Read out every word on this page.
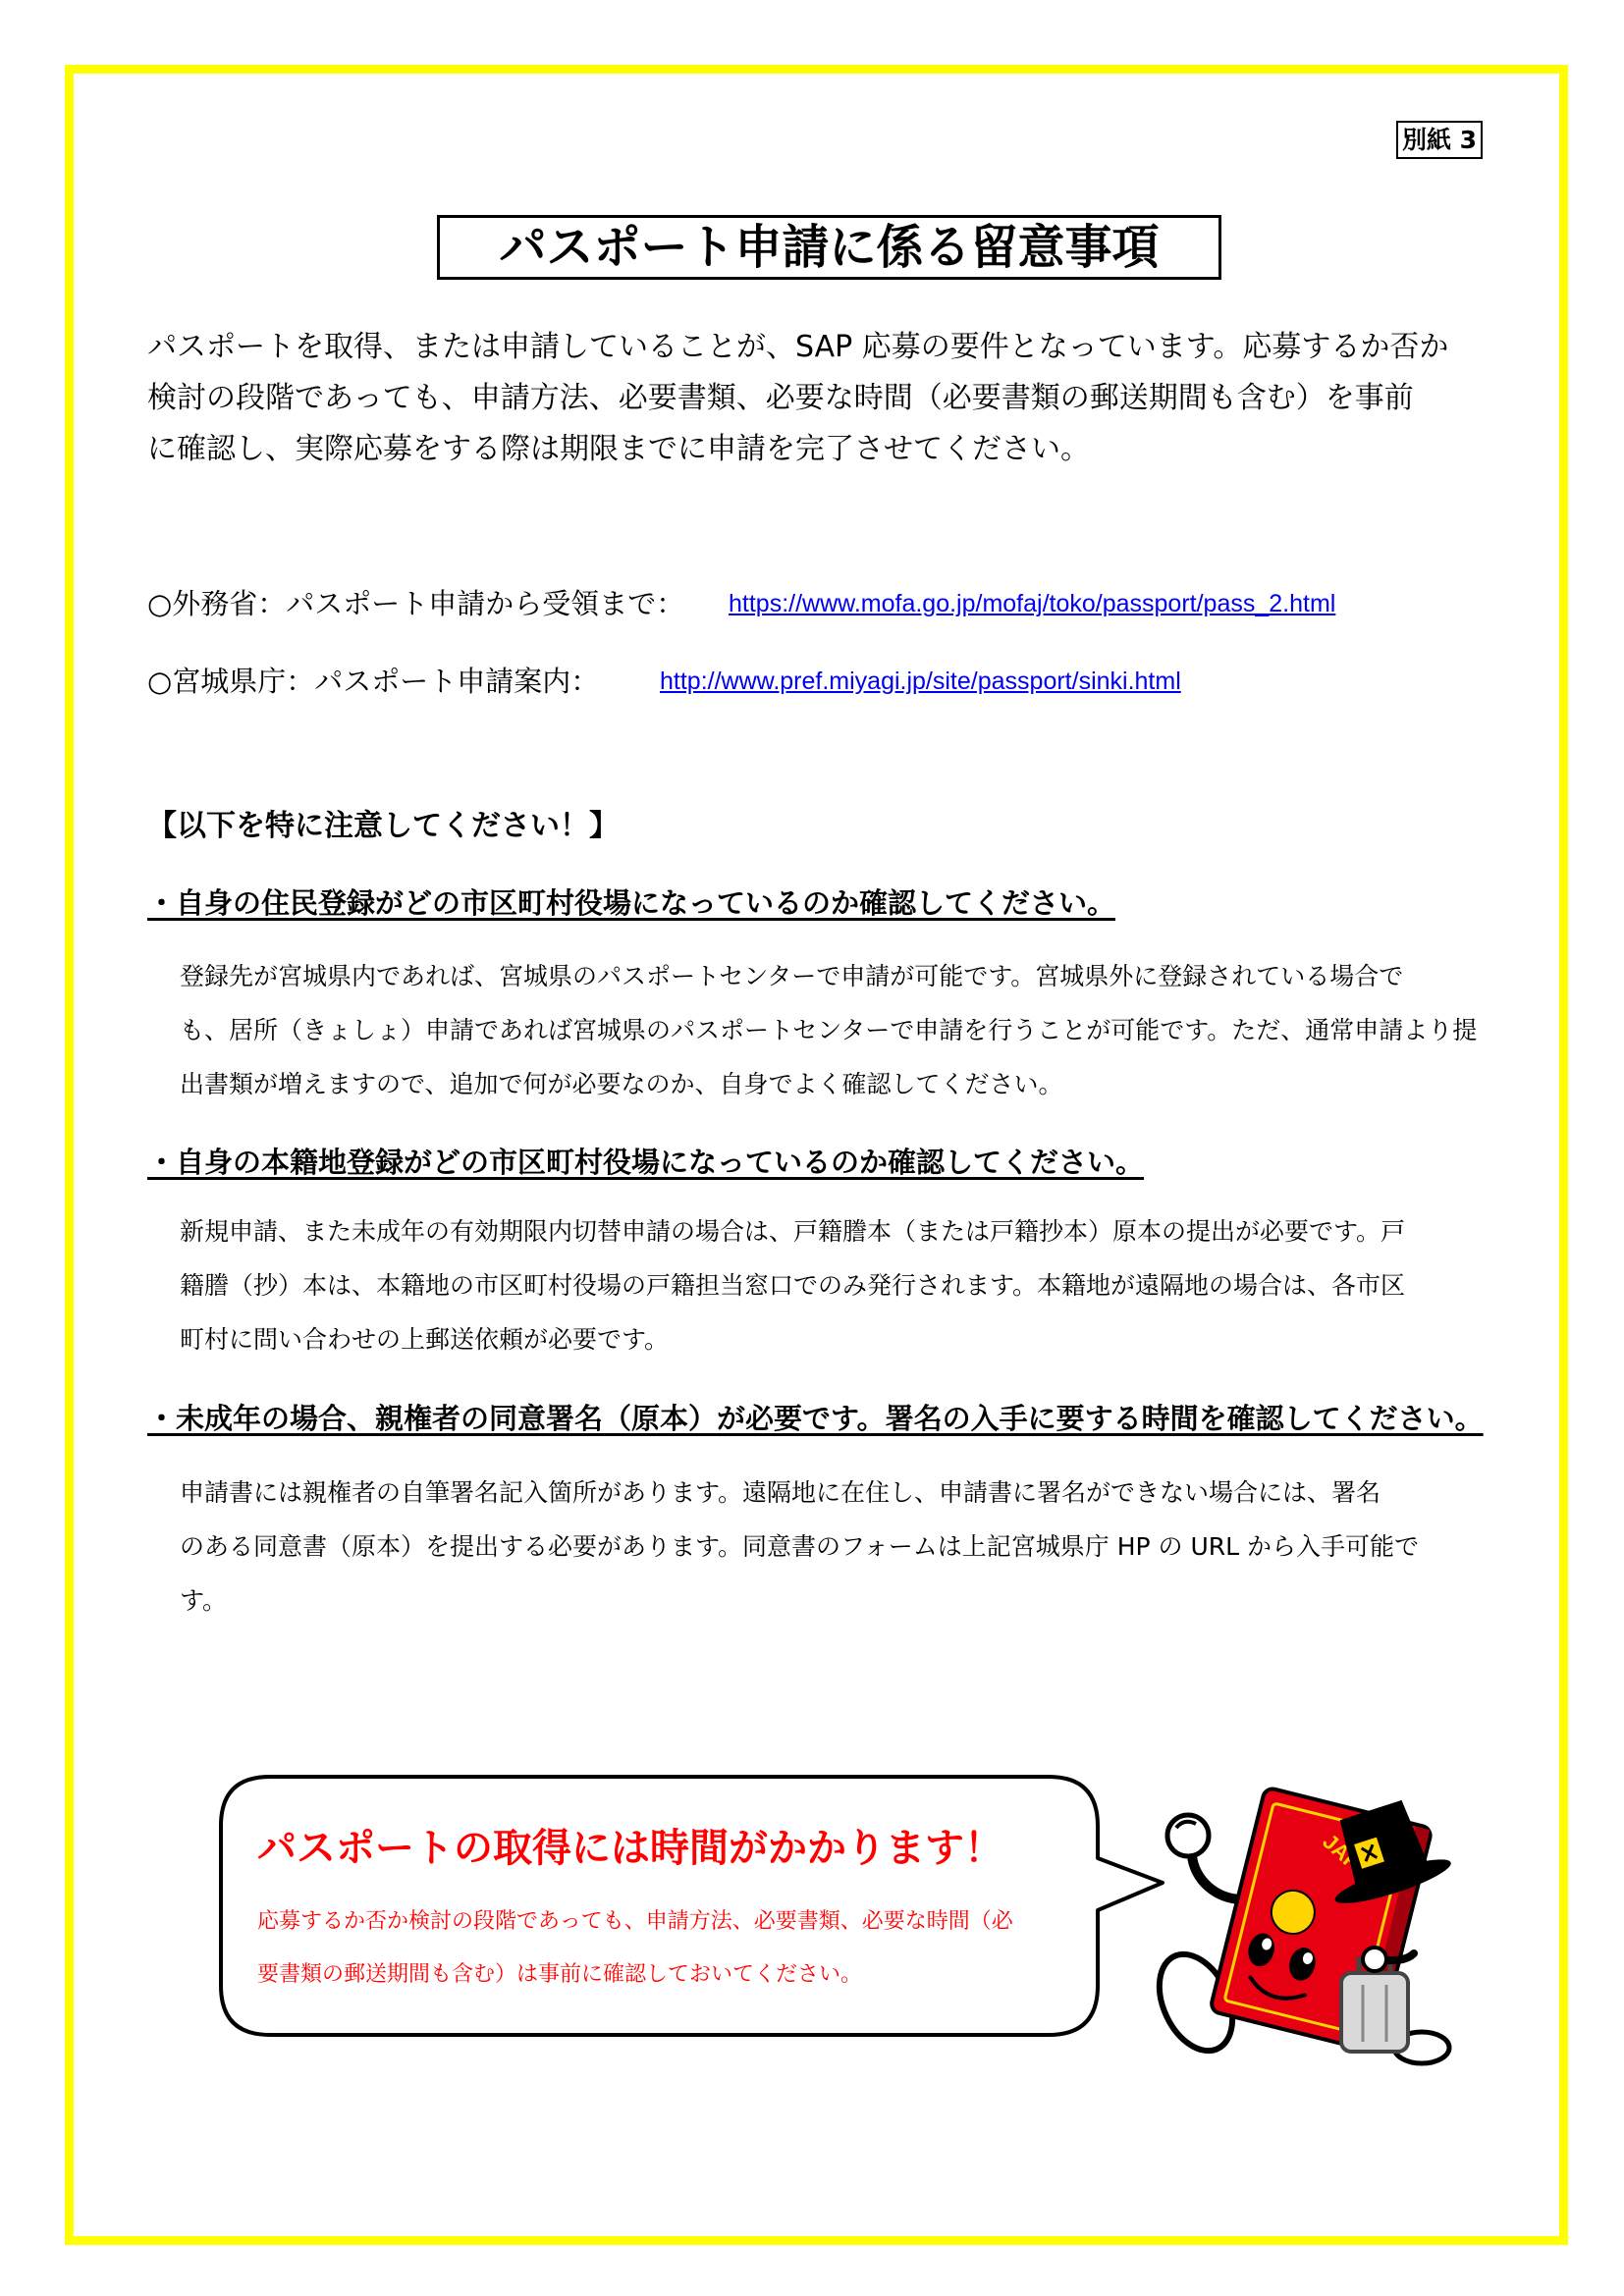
別紙 3
パスポート申請に係る留意事項
パスポートを取得、または申請していることが、SAP 応募の要件となっています。応募するか否か
検討の段階であっても、申請方法、必要書類、必要な時間（必要書類の郵送期間も含む）を事前
に確認し、実際応募をする際は期限までに申請を完了させてください。
○外務省：パスポート申請から受領まで： https://www.mofa.go.jp/mofaj/toko/passport/pass_2.html
○宮城県庁：パスポート申請案内： http://www.pref.miyagi.jp/site/passport/sinki.html
【以下を特に注意してください！】
・自身の住民登録がどの市区町村役場になっているのか確認してください。
登録先が宮城県内であれば、宮城県のパスポートセンターで申請が可能です。宮城県外に登録されている場合で
も、居所（きょしょ）申請であれば宮城県のパスポートセンターで申請を行うことが可能です。ただ、通常申請より提
出書類が増えますので、追加で何が必要なのか、自身でよく確認してください。
・自身の本籍地登録がどの市区町村役場になっているのか確認してください。
新規申請、また未成年の有効期限内切替申請の場合は、戸籍謄本（または戸籍抄本）原本の提出が必要です。戸
籍謄（抄）本は、本籍地の市区町村役場の戸籍担当窓口でのみ発行されます。本籍地が遠隔地の場合は、各市区
町村に問い合わせの上郵送依頼が必要です。
・未成年の場合、親権者の同意署名（原本）が必要です。署名の入手に要する時間を確認してください。
申請書には親権者の自筆署名記入箇所があります。遠隔地に在住し、申請書に署名ができない場合には、署名
のある同意書（原本）を提出する必要があります。同意書のフォームは上記宮城県庁 HP の URL から入手可能で
す。
パスポートの取得には時間がかかります！
応募するか否か検討の段階であっても、申請方法、必要書類、必要な時間（必
要書類の郵送期間も含む）は事前に確認しておいてください。
